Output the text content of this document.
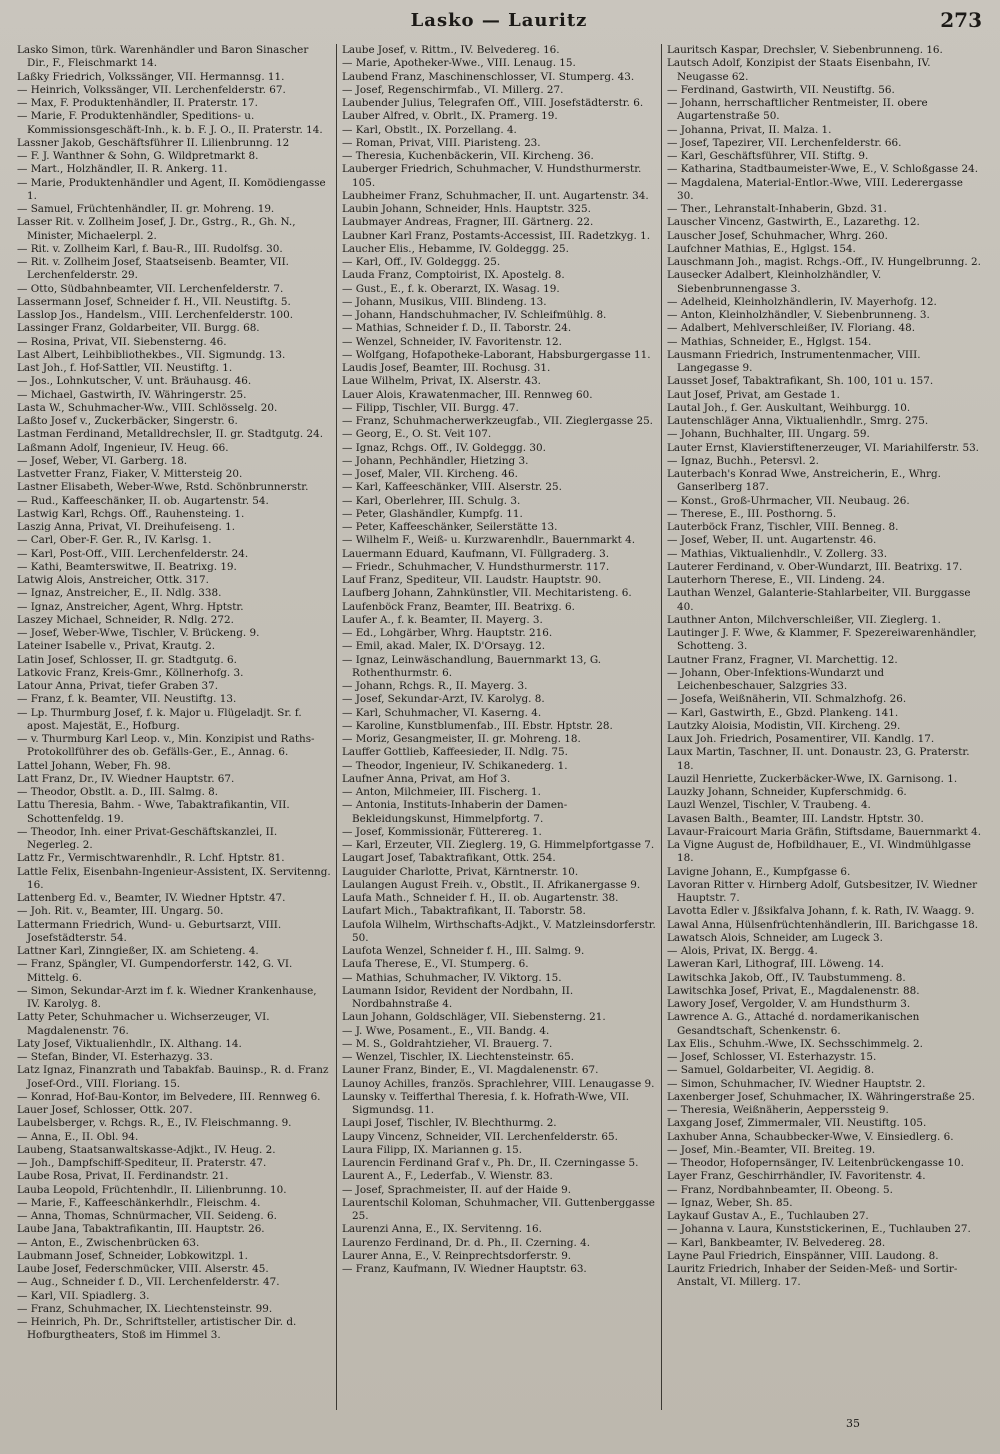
Lasko — Lauritz	273

Lasko Simon, türk. Warenhändler und Baron Sinascher Dir., F., Fleischmarkt 14.

Laßky Friedrich, Volkssänger, VII. Hermannsg. 11.

— Heinrich, Volkssänger, VII. Lerchenfelderstr. 67.

— Max, F. Produktenhändler, II. Praterstr. 17.

— Marie, F. Produktenhändler, Speditions- u. Kommissionsgeschäft-Inh., k. b. F. J. O., II. Praterstr. 14.

Lassner Jakob, Geschäftsführer II. Lilienbrunng. 12

— F. J. Wanthner & Sohn, G. Wildpretmarkt 8.

— Mart., Holzhändler, II. R. Ankerg. 11.

— Marie, Produktenhändler und Agent, II. Komödiengasse 1.

— Samuel, Früchtenhändler, II. gr. Mohreng. 19.

Lasser Rit. v. Zollheim Josef, J. Dr., Gstrg., R., Gh. N., Minister, Michaelerpl. 2.

— Rit. v. Zollheim Karl, f. Bau-R., III. Rudolfsg. 30.

— Rit. v. Zollheim Josef, Staatseisenb. Beamter, VII. Lerchenfelderstr. 29.

— Otto, Südbahnbeamter, VII. Lerchenfelderstr. 7.

Lassermann Josef, Schneider f. H., VII. Neustiftg. 5.

Lasslop Jos., Handelsm., VIII. Lerchenfelderstr. 100.

Lassinger Franz, Goldarbeiter, VII. Burgg. 68.

— Rosina, Privat, VII. Siebensterng. 46.

Last Albert, Leihbibliothekbes., VII. Sigmundg. 13.

Last Joh., f. Hof-Sattler, VII. Neustiftg. 1.

— Jos., Lohnkutscher, V. unt. Bräuhausg. 46.

— Michael, Gastwirth, IV. Währingerstr. 25.

Lasta W., Schuhmacher-Ww., VIII. Schlösselg. 20.

Laßto Josef v., Zuckerbäcker, Singerstr. 6.

Lastman Ferdinand, Metalldrechsler, II. gr. Stadtgutg. 24.

Laßmann Adolf, Ingenieur, IV. Heug. 66.

— Josef, Weber, VI. Garberg. 18.

Lastvetter Franz, Fiaker, V. Mittersteig 20.

Lastner Elisabeth, Weber-Wwe, Rstd. Schönbrunnerstr.

— Rud., Kaffeeschänker, II. ob. Augartenstr. 54.

Lastwig Karl, Rchgs. Off., Rauhensteing. 1.

Laszig Anna, Privat, VI. Dreihufeiseng. 1.

— Carl, Ober-F. Ger. R., IV. Karlsg. 1.

— Karl, Post-Off., VIII. Lerchenfelderstr. 24.

— Kathi, Beamterswitwe, II. Beatrixg. 19.

Latwig Alois, Anstreicher, Ottk. 317.

— Ignaz, Anstreicher, E., II. Ndlg. 338.

— Ignaz, Anstreicher, Agent, Whrg. Hptstr.

Laszey Michael, Schneider, R. Ndlg. 272.

— Josef, Weber-Wwe, Tischler, V. Brückeng. 9.

Lateiner Isabelle v., Privat, Krautg. 2.

Latin Josef, Schlosser, II. gr. Stadtgutg. 6.

Latkovic Franz, Kreis-Gmr., Köllnerhofg. 3.

Latour Anna, Privat, tiefer Graben 37.

— Franz, f. k. Beamter, VII. Neustiftg. 13.

— Lp. Thurmburg Josef, f. k. Major u. Flügeladjt. Sr. f. apost. Majestät, E., Hofburg.

— v. Thurmburg Karl Leop. v., Min. Konzipist und Raths-Protokollführer des ob. Gefälls-Ger., E., Annag. 6.

Lattel Johann, Weber, Fh. 98.

Latt Franz, Dr., IV. Wiedner Hauptstr. 67.

— Theodor, Obstlt. a. D., III. Salmg. 8.

Lattu Theresia, Bahm. - Wwe, Tabaktrafikantin, VII. Schottenfeldg. 19.

— Theodor, Inh. einer Privat-Geschäftskanzlei, II. Negerleg. 2.

Lattz Fr., Vermischtwarenhdlr., R. Lchf. Hptstr. 81.

Lattle Felix, Eisenbahn-Ingenieur-Assistent, IX. Servitenng. 16.

Lattenberg Ed. v., Beamter, IV. Wiedner Hptstr. 47.

— Joh. Rit. v., Beamter, III. Ungarg. 50.

Lattermann Friedrich, Wund- u. Geburtsarzt, VIII. Josefstädterstr. 54.

Lattner Karl, Zinngießer, IX. am Schieteng. 4.

— Franz, Spängler, VI. Gumpendorferstr. 142, G. VI. Mittelg. 6.

— Simon, Sekundar-Arzt im f. k. Wiedner Krankenhause, IV. Karolyg. 8.

Latty Peter, Schuhmacher u. Wichserzeuger, VI. Magdalenenstr. 76.

Laty Josef, Viktualienhdlr., IX. Althang. 14.

— Stefan, Binder, VI. Esterhazyg. 33.

Latz Ignaz, Finanzrath und Tabakfab. Bauinsp., R. d. Franz Josef-Ord., VIII. Floriang. 15.

— Konrad, Hof-Bau-Kontor, im Belvedere, III. Rennweg 6.

Lauer Josef, Schlosser, Ottk. 207.

Laubelsberger, v. Rchgs. R., E., IV. Fleischmanng. 9.

— Anna, E., II. Obl. 94.

Laubeng, Staatsanwaltskasse-Adjkt., IV. Heug. 2.

— Joh., Dampfschiff-Spediteur, II. Praterstr. 47.

Laube Rosa, Privat, II. Ferdinandstr. 21.

Lauba Leopold, Früchtenhdlr., II. Lilienbrunng. 10.

— Marie, F., Kaffeeschänkerhdlr., Fleischm. 4.

— Anna, Thomas, Schnürmacher, VII. Seideng. 6.

Laube Jana, Tabaktrafikantin, III. Hauptstr. 26.

— Anton, E., Zwischenbrücken 63.

Laubmann Josef, Schneider, Lobkowitzpl. 1.

Laube Josef, Federschmücker, VIII. Alserstr. 45.

— Aug., Schneider f. D., VII. Lerchenfelderstr. 47.

— Karl, VII. Spiadlerg. 3.

— Franz, Schuhmacher, IX. Liechtensteinstr. 99.

— Heinrich, Ph. Dr., Schriftsteller, artistischer Dir. d. Hofburgtheaters, Stoß im Himmel 3.

Laube Josef, v. Rittm., IV. Belvedereg. 16.

— Marie, Apotheker-Wwe., VIII. Lenaug. 15.

Laubend Franz, Maschinenschlosser, VI. Stumperg. 43.

— Josef, Regenschirmfab., VI. Millerg. 27.

Laubender Julius, Telegrafen Off., VIII. Josefstädterstr. 6.

Lauber Alfred, v. Obrlt., IX. Pramerg. 19.

— Karl, Obstlt., IX. Porzellang. 4.

— Roman, Privat, VIII. Piaristeng. 23.

— Theresia, Kuchenbäckerin, VII. Kircheng. 36.

Lauberger Friedrich, Schuhmacher, V. Hundsthurmerstr. 105.

Laubheimer Franz, Schuhmacher, II. unt. Augartenstr. 34.

Laubin Johann, Schneider, Hnls. Hauptstr. 325.

Laubmayer Andreas, Fragner, III. Gärtnerg. 22.

Laubner Karl Franz, Postamts-Accessist, III. Radetzkyg. 1.

Laucher Elis., Hebamme, IV. Goldeggg. 25.

— Karl, Off., IV. Goldeggg. 25.

Lauda Franz, Comptoirist, IX. Apostelg. 8.

— Gust., E., f. k. Oberarzt, IX. Wasag. 19.

— Johann, Musikus, VIII. Blindeng. 13.

— Johann, Handschuhmacher, IV. Schleifmühlg. 8.

— Mathias, Schneider f. D., II. Taborstr. 24.

— Wenzel, Schneider, IV. Favoritenstr. 12.

— Wolfgang, Hofapotheke-Laborant, Habsburgergasse 11.

Laudis Josef, Beamter, III. Rochusg. 31.

Laue Wilhelm, Privat, IX. Alserstr. 43.

Lauer Alois, Krawatenmacher, III. Rennweg 60.

— Filipp, Tischler, VII. Burgg. 47.

— Franz, Schuhmacherwerkzeugfab., VII. Zieglergasse 25.

— Georg, E., O. St. Veit 107.

— Ignaz, Rchgs. Off., IV. Goldeggg. 30.

— Johann, Pechhändler, Hietzing 3.

— Josef, Maler, VII. Kircheng. 46.

— Karl, Kaffeeschänker, VIII. Alserstr. 25.

— Karl, Oberlehrer, III. Schulg. 3.

— Peter, Glashändler, Kumpfg. 11.

— Peter, Kaffeeschänker, Seilerstätte 13.

— Wilhelm F., Weiß- u. Kurzwarenhdlr., Bauernmarkt 4.

Lauermann Eduard, Kaufmann, VI. Füllgraderg. 3.

— Friedr., Schuhmacher, V. Hundsthurmerstr. 117.

Lauf Franz, Spediteur, VII. Laudstr. Hauptstr. 90.

Laufberg Johann, Zahnkünstler, VII. Mechitaristeng. 6.

Laufenböck Franz, Beamter, III. Beatrixg. 6.

Laufer A., f. k. Beamter, II. Mayerg. 3.

— Ed., Lohgärber, Whrg. Hauptstr. 216.

— Emil, akad. Maler, IX. D'Orsayg. 12.

— Ignaz, Leinwäschandlung, Bauernmarkt 13, G. Rothenthurmstr. 6.

— Johann, Rchgs. R., II. Mayerg. 3.

— Josef, Sekundar-Arzt, IV. Karolyg. 8.

— Karl, Schuhmacher, VI. Kaserng. 4.

— Karoline, Kunstblumenfab., III. Ebstr. Hptstr. 28.

— Moriz, Gesangmeister, II. gr. Mohreng. 18.

Lauffer Gottlieb, Kaffeesieder, II. Ndlg. 75.

— Theodor, Ingenieur, IV. Schikanederg. 1.

Laufner Anna, Privat, am Hof 3.

— Anton, Milchmeier, III. Fischerg. 1.

— Antonia, Instituts-Inhaberin der Damen-Bekleidungskunst, Himmelpfortg. 7.

— Josef, Kommissionär, Fütterereg. 1.

— Karl, Erzeuter, VII. Zieglerg. 19, G. Himmelpfortgasse 7.

Laugart Josef, Tabaktrafikant, Ottk. 254.

Lauguider Charlotte, Privat, Kärntnerstr. 10.

Laulangen August Freih. v., Obstlt., II. Afrikanergasse 9.

Laufa Math., Schneider f. H., II. ob. Augartenstr. 38.

Laufart Mich., Tabaktrafikant, II. Taborstr. 58.

Laufola Wilhelm, Wirthschafts-Adjkt., V. Matzleinsdorferstr. 50.

Laufota Wenzel, Schneider f. H., III. Salmg. 9.

Laufa Therese, E., VI. Stumperg. 6.

— Mathias, Schuhmacher, IV. Viktorg. 15.

Laumann Isidor, Revident der Nordbahn, II. Nordbahnstraße 4.

Laun Johann, Goldschläger, VII. Siebensterng. 21.

— J. Wwe, Posament., E., VII. Bandg. 4.

— M. S., Goldrahtzieher, VI. Brauerg. 7.

— Wenzel, Tischler, IX. Liechtensteinstr. 65.

Launer Franz, Binder, E., VI. Magdalenenstr. 67.

Launoy Achilles, französ. Sprachlehrer, VIII. Lenaugasse 9.

Launsky v. Teifferthal Theresia, f. k. Hofrath-Wwe, VII. Sigmundsg. 11.

Laupi Josef, Tischler, IV. Blechthurmg. 2.

Laupy Vincenz, Schneider, VII. Lerchenfelderstr. 65.

Laura Filipp, IX. Mariannen g. 15.

Laurencin Ferdinand Graf v., Ph. Dr., II. Czerningasse 5.

Laurent A., F., Lederfab., V. Wienstr. 83.

— Josef, Sprachmeister, II. auf der Haide 9.

Laurentschil Koloman, Schuhmacher, VII. Guttenberggasse 25.

Laurenzi Anna, E., IX. Servitenng. 16.

Laurenzo Ferdinand, Dr. d. Ph., II. Czerning. 4.

Laurer Anna, E., V. Reinprechtsdorferstr. 9.

— Franz, Kaufmann, IV. Wiedner Hauptstr. 63.

Lauritsch Kaspar, Drechsler, V. Siebenbrunneng. 16.

Lautsch Adolf, Konzipist der Staats Eisenbahn, IV. Neugasse 62.

— Ferdinand, Gastwirth, VII. Neustiftg. 56.

— Johann, herrschaftlicher Rentmeister, II. obere Augartenstraße 50.

— Johanna, Privat, II. Malza. 1.

— Josef, Tapezirer, VII. Lerchenfelderstr. 66.

— Karl, Geschäftsführer, VII. Stiftg. 9.

— Katharina, Stadtbaumeister-Wwe, E., V. Schloßgasse 24.

— Magdalena, Material-Entlor.-Wwe, VIII. Lederergasse 30.

— Ther., Lehranstalt-Inhaberin, Gbzd. 31.

Lauscher Vincenz, Gastwirth, E., Lazarethg. 12.

Lauscher Josef, Schuhmacher, Whrg. 260.

Laufchner Mathias, E., Hglgst. 154.

Lauschmann Joh., magist. Rchgs.-Off., IV. Hungelbrunng. 2.

Lausecker Adalbert, Kleinholzhändler, V. Siebenbrunnengasse 3.

— Adelheid, Kleinholzhändlerin, IV. Mayerhofg. 12.

— Anton, Kleinholzhändler, V. Siebenbrunneng. 3.

— Adalbert, Mehlverschleißer, IV. Floriang. 48.

— Mathias, Schneider, E., Hglgst. 154.

Lausmann Friedrich, Instrumentenmacher, VIII. Langegasse 9.

Lausset Josef, Tabaktrafikant, Sh. 100, 101 u. 157.

Laut Josef, Privat, am Gestade 1.

Lautal Joh., f. Ger. Auskultant, Weihburgg. 10.

Lautenschläger Anna, Viktualienhdlr., Smrg. 275.

— Johann, Buchhalter, III. Ungarg. 59.

Lauter Ernst, Klavierstiftenerzeuger, VI. Mariahilferstr. 53.

— Ignaz, Buchh., Petersvl. 2.

Lauterbach's Konrad Wwe, Anstreicherin, E., Whrg. Ganserlberg 187.

— Konst., Groß-Uhrmacher, VII. Neubaug. 26.

— Therese, E., III. Posthorng. 5.

Lauterböck Franz, Tischler, VIII. Benneg. 8.

— Josef, Weber, II. unt. Augartenstr. 46.

— Mathias, Viktualienhdlr., V. Zollerg. 33.

Lauterer Ferdinand, v. Ober-Wundarzt, III. Beatrixg. 17.

Lauterhorn Therese, E., VII. Lindeng. 24.

Lauthan Wenzel, Galanterie-Stahlarbeiter, VII. Burggasse 40.

Lauthner Anton, Milchverschleißer, VII. Zieglerg. 1.

Lautinger J. F. Wwe, & Klammer, F. Spezereiwarenhändler, Schotteng. 3.

Lautner Franz, Fragner, VI. Marchettig. 12.

— Johann, Ober-Infektions-Wundarzt und Leichenbeschauer, Salzgries 33.

— Josefa, Weißnäherin, VII. Schmalzhofg. 26.

— Karl, Gastwirth, E., Gbzd. Plankeng. 141.

Lautzky Aloisia, Modistin, VII. Kircheng. 29.

Laux Joh. Friedrich, Posamentirer, VII. Kandlg. 17.

Laux Martin, Taschner, II. unt. Donaustr. 23, G. Praterstr. 18.

Lauzil Henriette, Zuckerbäcker-Wwe, IX. Garnisong. 1.

Lauzky Johann, Schneider, Kupferschmidg. 6.

Lauzl Wenzel, Tischler, V. Traubeng. 4.

Lavasen Balth., Beamter, III. Landstr. Hptstr. 30.

Lavaur-Fraicourt Maria Gräfin, Stiftsdame, Bauernmarkt 4.

La Vigne August de, Hofbildhauer, E., VI. Windmühlgasse 18.

Lavigne Johann, E., Kumpfgasse 6.

Lavoran Ritter v. Hirnberg Adolf, Gutsbesitzer, IV. Wiedner Hauptstr. 7.

Lavotta Edler v. Jßsikfalva Johann, f. k. Rath, IV. Waagg. 9.

Lawal Anna, Hülsenfrüchtenhändlerin, III. Barichgasse 18.

Lawatsch Alois, Schneider, am Lugeck 3.

— Alois, Privat, IX. Bergg. 4.

Laweran Karl, Lithograf, III. Löweng. 14.

Lawitschka Jakob, Off., IV. Taubstummeng. 8.

Lawitschka Josef, Privat, E., Magdalenenstr. 88.

Lawory Josef, Vergolder, V. am Hundsthurm 3.

Lawrence A. G., Attaché d. nordamerikanischen Gesandtschaft, Schenkenstr. 6.

Lax Elis., Schuhm.-Wwe, IX. Sechsschimmelg. 2.

— Josef, Schlosser, VI. Esterhazystr. 15.

— Samuel, Goldarbeiter, VI. Aegidig. 8.

— Simon, Schuhmacher, IV. Wiedner Hauptstr. 2.

Laxenberger Josef, Schuhmacher, IX. Währingerstraße 25.

— Theresia, Weißnäherin, Aepperssteig 9.

Laxgang Josef, Zimmermaler, VII. Neustiftg. 105.

Laxhuber Anna, Schaubbecker-Wwe, V. Einsiedlerg. 6.

— Josef, Min.-Beamter, VII. Breiteg. 19.

— Theodor, Hofopernsänger, IV. Leitenbrückengasse 10.

Layer Franz, Geschirrhändler, IV. Favoritenstr. 4.

— Franz, Nordbahnbeamter, II. Obeong. 5.

— Ignaz, Weber, Sh. 85.

Laykauf Gustav A., E., Tuchlauben 27.

— Johanna v. Laura, Kunststickerinen, E., Tuchlauben 27.

— Karl, Bankbeamter, IV. Belvedereg. 28.

Layne Paul Friedrich, Einspänner, VIII. Laudong. 8.

Lauritz Friedrich, Inhaber der Seiden-Meß- und Sortir-Anstalt, VI. Millerg. 17.

35
